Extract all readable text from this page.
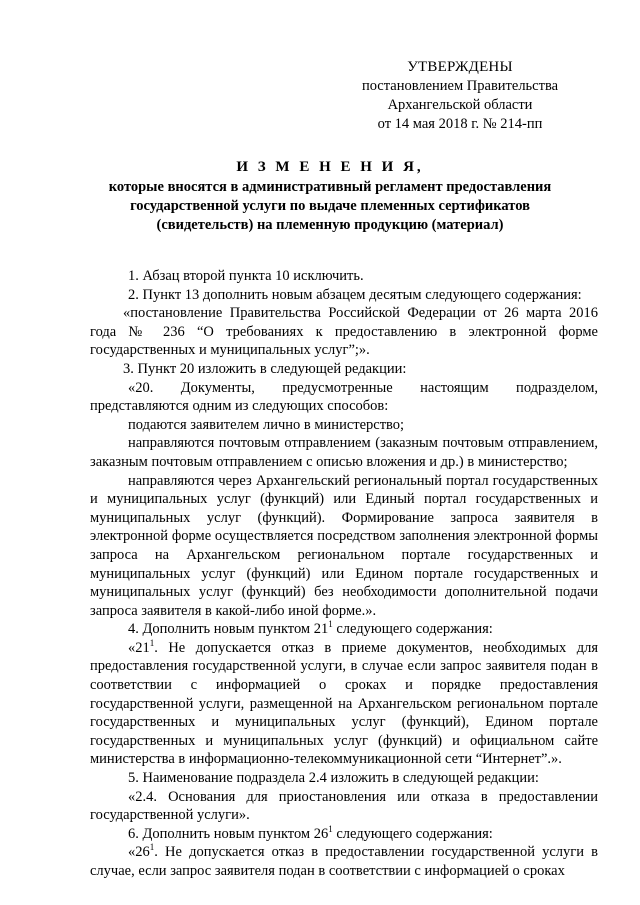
УТВЕРЖДЕНЫ
постановлением Правительства
Архангельской области
от 14 мая 2018 г. № 214-пп
И З М Е Н Е Н И Я,
которые вносятся в административный регламент предоставления
государственной услуги по выдаче племенных сертификатов
(свидетельств) на племенную продукцию (материал)

1. Абзац второй пункта 10 исключить.

2. Пункт 13 дополнить новым абзацем десятым следующего содержания:

«постановление Правительства Российской Федерации от 26 марта 2016 года № 236 “О требованиях к предоставлению в электронной форме государственных и муниципальных услуг”;».

3. Пункт 20 изложить в следующей редакции:

«20. Документы, предусмотренные настоящим подразделом, представляются одним из следующих способов:

подаются заявителем лично в министерство;

направляются почтовым отправлением (заказным почтовым отправлением, заказным почтовым отправлением с описью вложения и др.) в министерство;

направляются через Архангельский региональный портал государственных и муниципальных услуг (функций) или Единый портал государственных и муниципальных услуг (функций). Формирование запроса заявителя в электронной форме осуществляется посредством заполнения электронной формы запроса на Архангельском региональном портале государственных и муниципальных услуг (функций) или Едином портале государственных и муниципальных услуг (функций) без необходимости дополнительной подачи запроса заявителя в какой-либо иной форме.».

4. Дополнить новым пунктом $21^1$ следующего содержания:

«$21^1$. Не допускается отказ в приеме документов, необходимых для предоставления государственной услуги, в случае если запрос заявителя подан в соответствии с информацией о сроках и порядке предоставления государственной услуги, размещенной на Архангельском региональном портале государственных и муниципальных услуг (функций), Едином портале государственных и муниципальных услуг (функций) и официальном сайте министерства в информационно-телекоммуникационной сети “Интернет”.».

5. Наименование подраздела 2.4 изложить в следующей редакции:

«2.4. Основания для приостановления или отказа в предоставлении государственной услуги».

6. Дополнить новым пунктом $26^1$ следующего содержания:

«$26^1$. Не допускается отказ в предоставлении государственной услуги в случае, если запрос заявителя подан в соответствии с информацией о сроках
